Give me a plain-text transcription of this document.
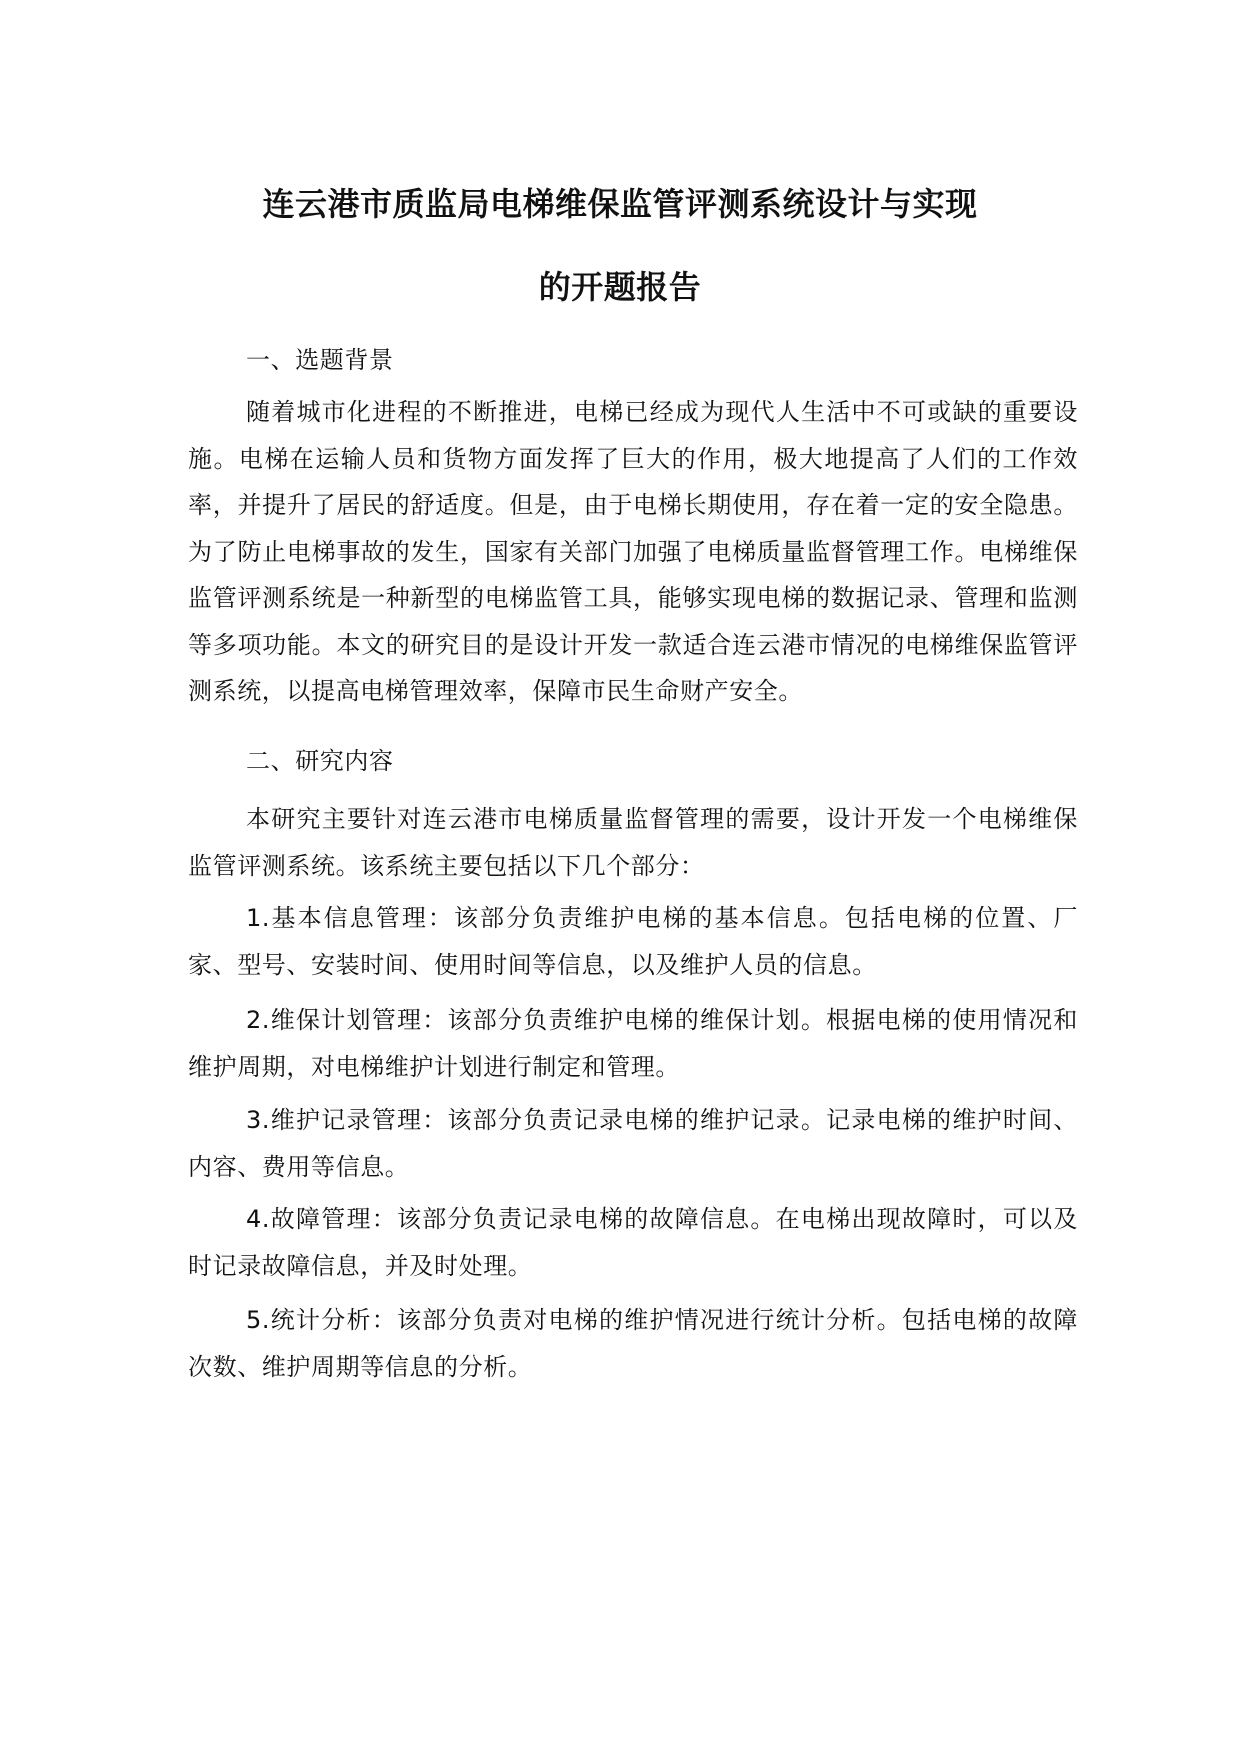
连云港市质监局电梯维保监管评测系统设计与实现
的开题报告
一、选题背景
随着城市化进程的不断推进，电梯已经成为现代人生活中不可或缺的重要设施。电梯在运输人员和货物方面发挥了巨大的作用，极大地提高了人们的工作效率，并提升了居民的舒适度。但是，由于电梯长期使用，存在着一定的安全隐患。为了防止电梯事故的发生，国家有关部门加强了电梯质量监督管理工作。电梯维保监管评测系统是一种新型的电梯监管工具，能够实现电梯的数据记录、管理和监测等多项功能。本文的研究目的是设计开发一款适合连云港市情况的电梯维保监管评测系统，以提高电梯管理效率，保障市民生命财产安全。
二、研究内容
本研究主要针对连云港市电梯质量监督管理的需要，设计开发一个电梯维保监管评测系统。该系统主要包括以下几个部分：
1.基本信息管理：该部分负责维护电梯的基本信息。包括电梯的位置、厂家、型号、安装时间、使用时间等信息，以及维护人员的信息。
2.维保计划管理：该部分负责维护电梯的维保计划。根据电梯的使用情况和维护周期，对电梯维护计划进行制定和管理。
3.维护记录管理：该部分负责记录电梯的维护记录。记录电梯的维护时间、内容、费用等信息。
4.故障管理：该部分负责记录电梯的故障信息。在电梯出现故障时，可以及时记录故障信息，并及时处理。
5.统计分析：该部分负责对电梯的维护情况进行统计分析。包括电梯的故障次数、维护周期等信息的分析。
